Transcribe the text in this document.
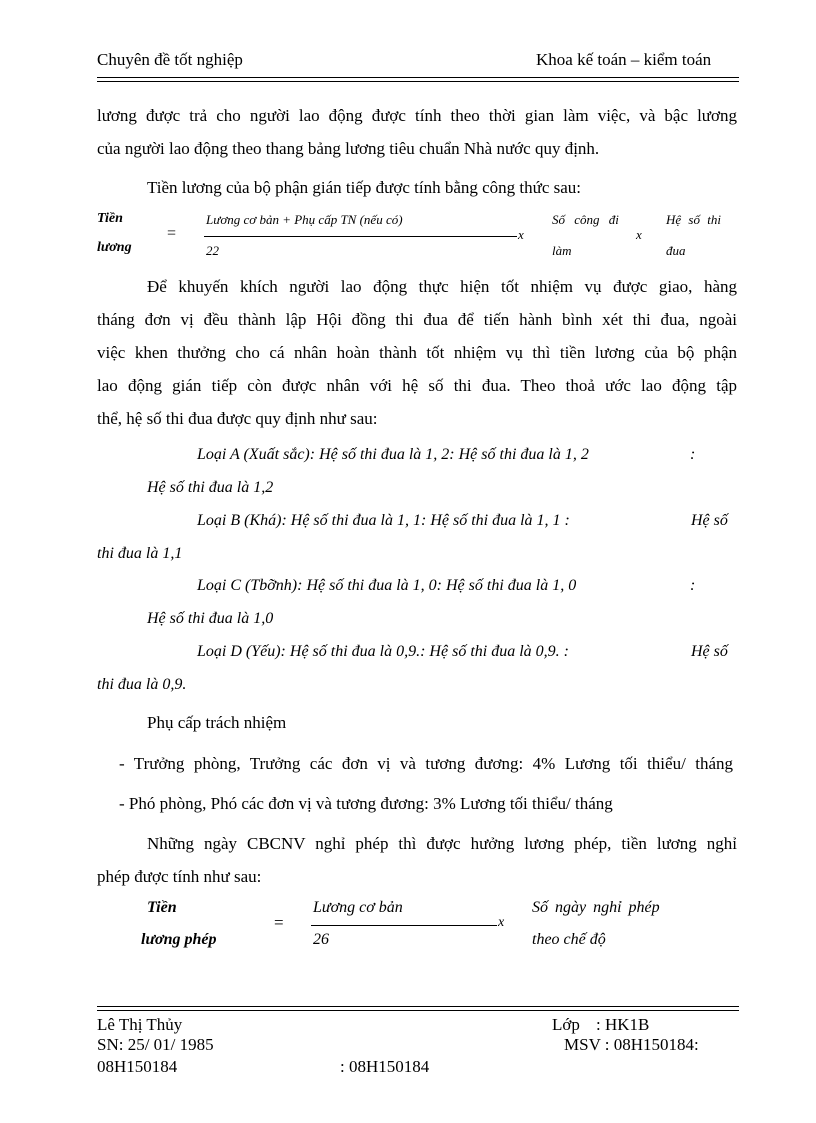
Chuyên đề tốt nghiệp	Khoa kế toán – kiểm toán
lương được trả cho người lao động được tính theo thời gian làm việc, và bậc lương
của người lao động theo thang bảng lương tiêu chuẩn Nhà nước quy định.
Tiền lương của bộ phận gián tiếp được tính bằng công thức sau:
Tiền
lương
=
Lương cơ bản + Phụ cấp TN (nếu có)
22
x
Số công đi
làm
x
Hệ số thi
đua
Để khuyến khích người lao động thực hiện tốt nhiệm vụ được giao, hàng
tháng đơn vị đều thành lập Hội đồng thi đua để tiến hành bình xét thi đua, ngoài
việc khen thưởng cho cá nhân hoàn thành tốt nhiệm vụ thì tiền lương của bộ phận
lao động gián tiếp còn được nhân với hệ số thi đua. Theo thoả ước lao động tập
thể, hệ số thi đua được quy định như sau:
Loại A (Xuất sắc): Hệ số thi đua là 1, 2: Hệ số thi đua là 1, 2	:
Hệ số thi đua là 1,2
Loại B (Khá): Hệ số thi đua là 1, 1: Hệ số thi đua là 1, 1 :	Hệ số
thi đua là 1,1
Loại C (Tbỡnh): Hệ số thi đua là 1, 0: Hệ số thi đua là 1, 0	:
Hệ số thi đua là 1,0
Loại D (Yếu): Hệ số thi đua là 0,9.: Hệ số thi đua là 0,9. :	Hệ số
thi đua là 0,9.
Phụ cấp trách nhiệm
- Trưởng phòng, Trưởng các đơn vị và tương đương: 4% Lương tối thiểu/ tháng
- Phó phòng, Phó các đơn vị và tương đương: 3% Lương tối thiểu/ tháng
Những ngày CBCNV nghỉ phép thì được hưởng lương phép, tiền lương nghỉ
phép được tính như sau:
Tiền
lương phép
=
Lương cơ bản
26
x
Số ngày nghỉ phép
theo chế độ
Lê Thị Thủy	Lớp : HK1B
SN: 25/ 01/ 1985	MSV : 08H150184:
08H150184	: 08H150184
